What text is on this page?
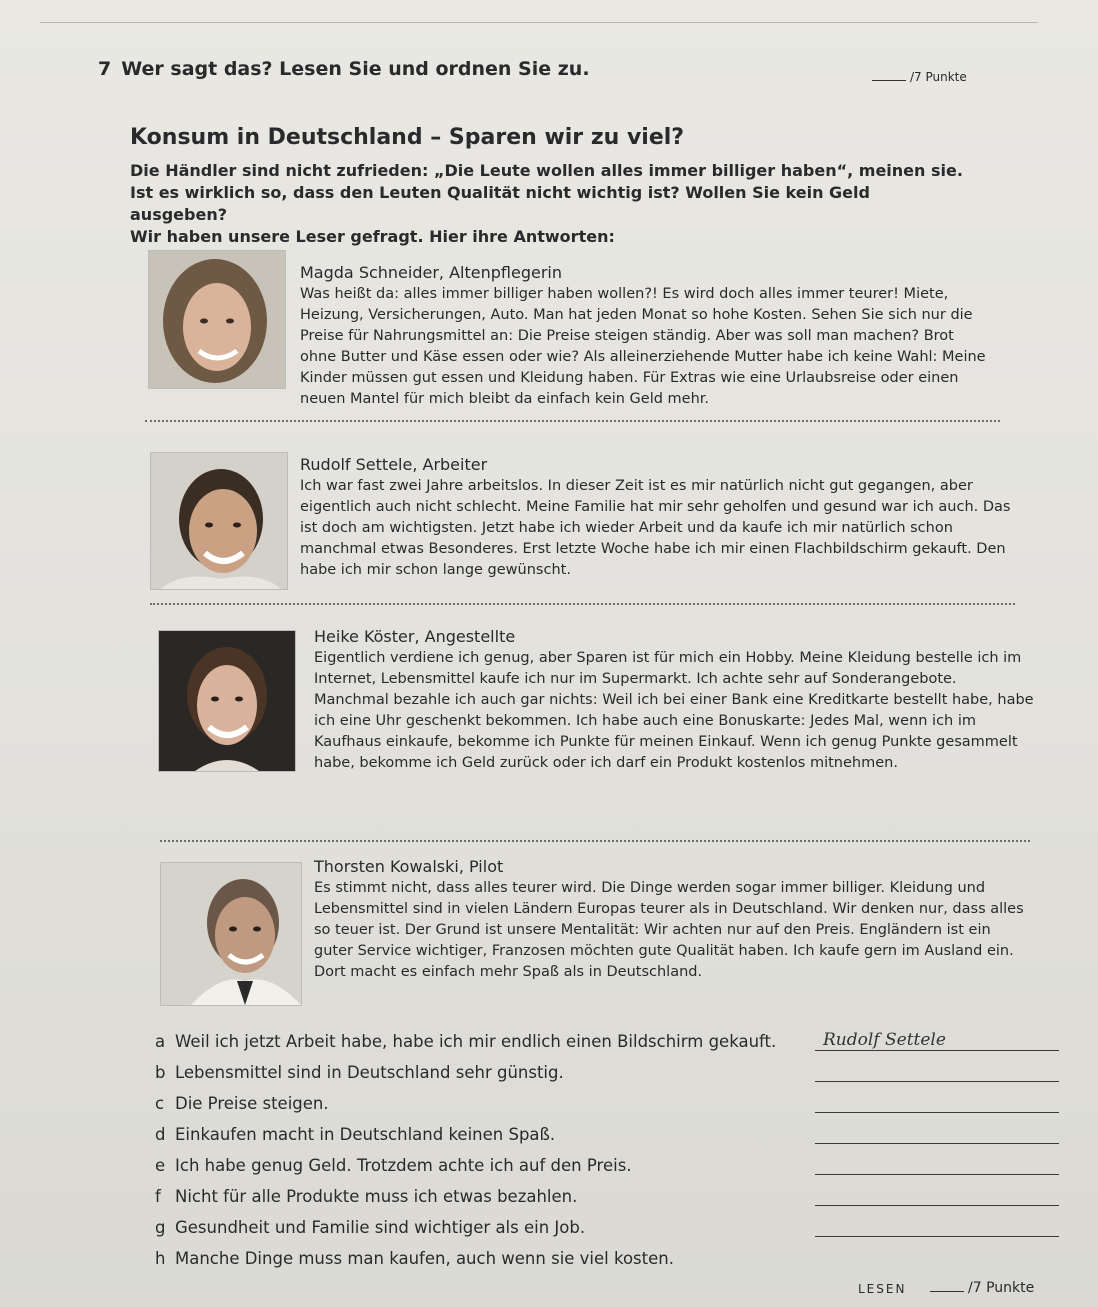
7 Wer sagt das? Lesen Sie und ordnen Sie zu.	/7 Punkte
Konsum in Deutschland – Sparen wir zu viel?

Die Händler sind nicht zufrieden: „Die Leute wollen alles immer billiger haben“, meinen sie.

Ist es wirklich so, dass den Leuten Qualität nicht wichtig ist? Wollen Sie kein Geld ausgeben?

Wir haben unsere Leser gefragt. Hier ihre Antworten:

Magda Schneider, Altenpflegerin

Was heißt da: alles immer billiger haben wollen?! Es wird doch alles immer teurer! Miete, Heizung, Versicherungen, Auto. Man hat jeden Monat so hohe Kosten. Sehen Sie sich nur die Preise für Nahrungsmittel an: Die Preise steigen ständig. Aber was soll man machen? Brot ohne Butter und Käse essen oder wie? Als alleinerziehende Mutter habe ich keine Wahl: Meine Kinder müssen gut essen und Kleidung haben. Für Extras wie eine Urlaubsreise oder einen neuen Mantel für mich bleibt da einfach kein Geld mehr.

Rudolf Settele, Arbeiter

Ich war fast zwei Jahre arbeitslos. In dieser Zeit ist es mir natürlich nicht gut gegangen, aber eigentlich auch nicht schlecht. Meine Familie hat mir sehr geholfen und gesund war ich auch. Das ist doch am wichtigsten. Jetzt habe ich wieder Arbeit und da kaufe ich mir natürlich schon manchmal etwas Besonderes. Erst letzte Woche habe ich mir einen Flachbildschirm gekauft. Den habe ich mir schon lange gewünscht.

Heike Köster, Angestellte

Eigentlich verdiene ich genug, aber Sparen ist für mich ein Hobby. Meine Kleidung bestelle ich im Internet, Lebensmittel kaufe ich nur im Supermarkt. Ich achte sehr auf Sonderangebote. Manchmal bezahle ich auch gar nichts: Weil ich bei einer Bank eine Kreditkarte bestellt habe, habe ich eine Uhr geschenkt bekommen. Ich habe auch eine Bonuskarte: Jedes Mal, wenn ich im Kaufhaus einkaufe, bekomme ich Punkte für meinen Einkauf. Wenn ich genug Punkte gesammelt habe, bekomme ich Geld zurück oder ich darf ein Produkt kostenlos mitnehmen.

Thorsten Kowalski, Pilot

Es stimmt nicht, dass alles teurer wird. Die Dinge werden sogar immer billiger. Kleidung und Lebensmittel sind in vielen Ländern Europas teurer als in Deutschland. Wir denken nur, dass alles so teuer ist. Der Grund ist unsere Mentalität: Wir achten nur auf den Preis. Engländern ist ein guter Service wichtiger, Franzosen möchten gute Qualität haben. Ich kaufe gern im Ausland ein. Dort macht es einfach mehr Spaß als in Deutschland.

a Weil ich jetzt Arbeit habe, habe ich mir endlich einen Bildschirm gekauft.	Rudolf Settele
b Lebensmittel sind in Deutschland sehr günstig.
c Die Preise steigen.
d Einkaufen macht in Deutschland keinen Spaß.
e Ich habe genug Geld. Trotzdem achte ich auf den Preis.
f Nicht für alle Produkte muss ich etwas bezahlen.
g Gesundheit und Familie sind wichtiger als ein Job.
h Manche Dinge muss man kaufen, auch wenn sie viel kosten.
LESEN	/7 Punkte
